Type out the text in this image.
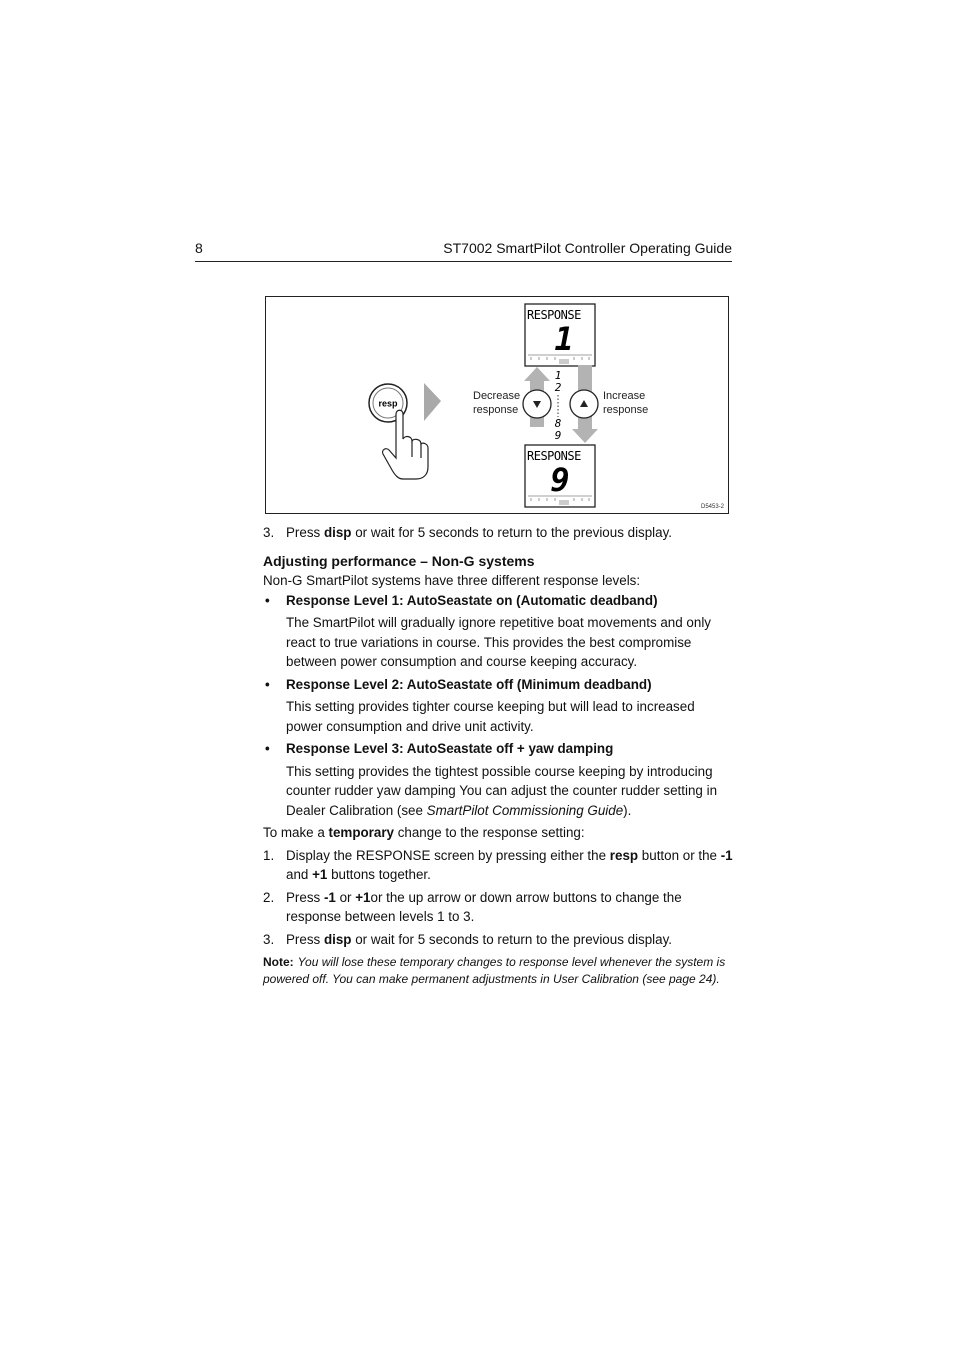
8	ST7002 SmartPilot Controller Operating Guide
resp
RESPONSE
1
RESPONSE
9
1
2
8
9
Decrease
response
Increase
response
D5453-2

3. Press disp or wait for 5 seconds to return to the previous display.

Adjusting performance – Non-G systems

Non-G SmartPilot systems have three different response levels:

• Response Level 1: AutoSeastate on (Automatic deadband)

The SmartPilot will gradually ignore repetitive boat movements and only react to true variations in course. This provides the best compromise between power consumption and course keeping accuracy.

• Response Level 2: AutoSeastate off (Minimum deadband)

This setting provides tighter course keeping but will lead to increased power consumption and drive unit activity.

• Response Level 3: AutoSeastate off + yaw damping

This setting provides the tightest possible course keeping by introducing counter rudder yaw damping You can adjust the counter rudder setting in Dealer Calibration (see SmartPilot Commissioning Guide).

To make a temporary change to the response setting:

1. Display the RESPONSE screen by pressing either the resp button or the -1 and +1 buttons together.

2. Press -1 or +1or the up arrow or down arrow buttons to change the response between levels 1 to 3.

3. Press disp or wait for 5 seconds to return to the previous display.

Note: You will lose these temporary changes to response level whenever the system is powered off. You can make permanent adjustments in User Calibration (see page 24).
